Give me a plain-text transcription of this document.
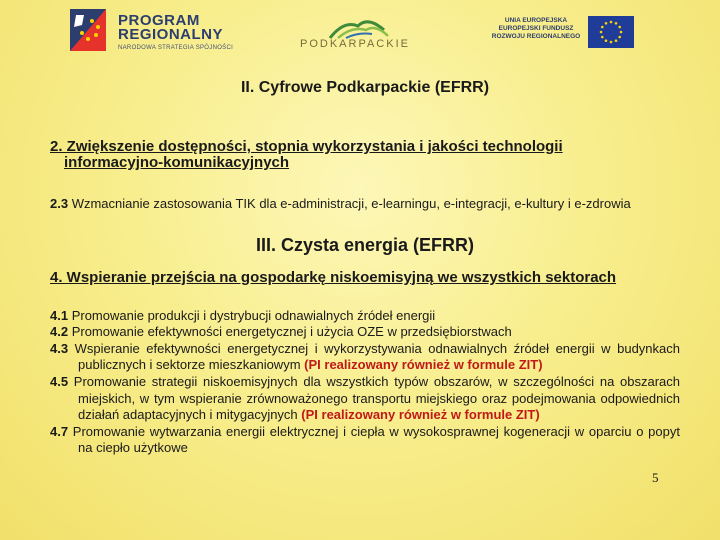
PROGRAM
REGIONALNY
NARODOWA STRATEGIA SPÓJNOŚCI	PODKARPACKIE
UNIA EUROPEJSKA
EUROPEJSKI FUNDUSZ
ROZWOJU REGIONALNEGO

II. Cyfrowe Podkarpackie (EFRR)

2. Zwiększenie dostępności, stopnia wykorzystania i jakości technologii
informacyjno-komunikacyjnych

2.3 Wzmacnianie zastosowania TIK dla e-administracji, e-learningu, e-integracji, e-kultury i e-zdrowia

III. Czysta energia (EFRR)

4. Wspieranie przejścia na gospodarkę niskoemisyjną we wszystkich sektorach

4.1 Promowanie produkcji i dystrybucji odnawialnych źródeł energii

4.2 Promowanie efektywności energetycznej i użycia OZE w przedsiębiorstwach

4.3 Wspieranie efektywności energetycznej i wykorzystywania odnawialnych źródeł energii w budynkach publicznych i sektorze mieszkaniowym (PI realizowany również w formule ZIT)

4.5 Promowanie strategii niskoemisyjnych dla wszystkich typów obszarów, w szczególności na obszarach miejskich, w tym wspieranie zrównoważonego transportu miejskiego oraz podejmowania odpowiednich działań adaptacyjnych i mitygacyjnych (PI realizowany również w formule ZIT)

4.7 Promowanie wytwarzania energii elektrycznej i ciepła w wysokosprawnej kogeneracji w oparciu o popyt na ciepło użytkowe

5
